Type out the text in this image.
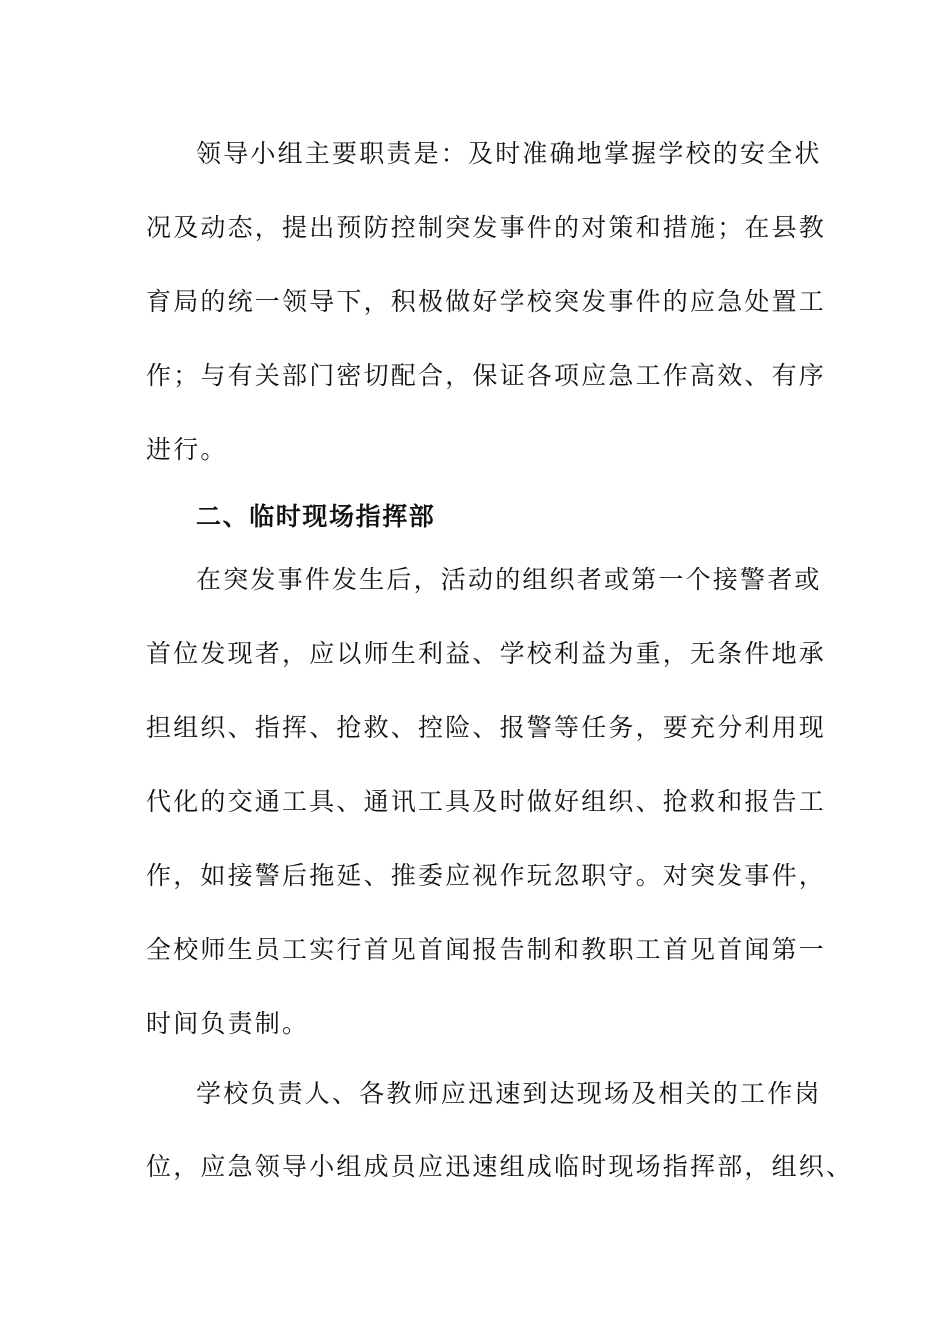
领导小组主要职责是：及时准确地掌握学校的安全状

况及动态，提出预防控制突发事件的对策和措施；在县教

育局的统一领导下，积极做好学校突发事件的应急处置工

作；与有关部门密切配合，保证各项应急工作高效、有序

进行。

二、临时现场指挥部

在突发事件发生后，活动的组织者或第一个接警者或

首位发现者，应以师生利益、学校利益为重，无条件地承

担组织、指挥、抢救、控险、报警等任务，要充分利用现

代化的交通工具、通讯工具及时做好组织、抢救和报告工

作，如接警后拖延、推委应视作玩忽职守。对突发事件，

全校师生员工实行首见首闻报告制和教职工首见首闻第一

时间负责制。

学校负责人、各教师应迅速到达现场及相关的工作岗

位，应急领导小组成员应迅速组成临时现场指挥部，组织、
